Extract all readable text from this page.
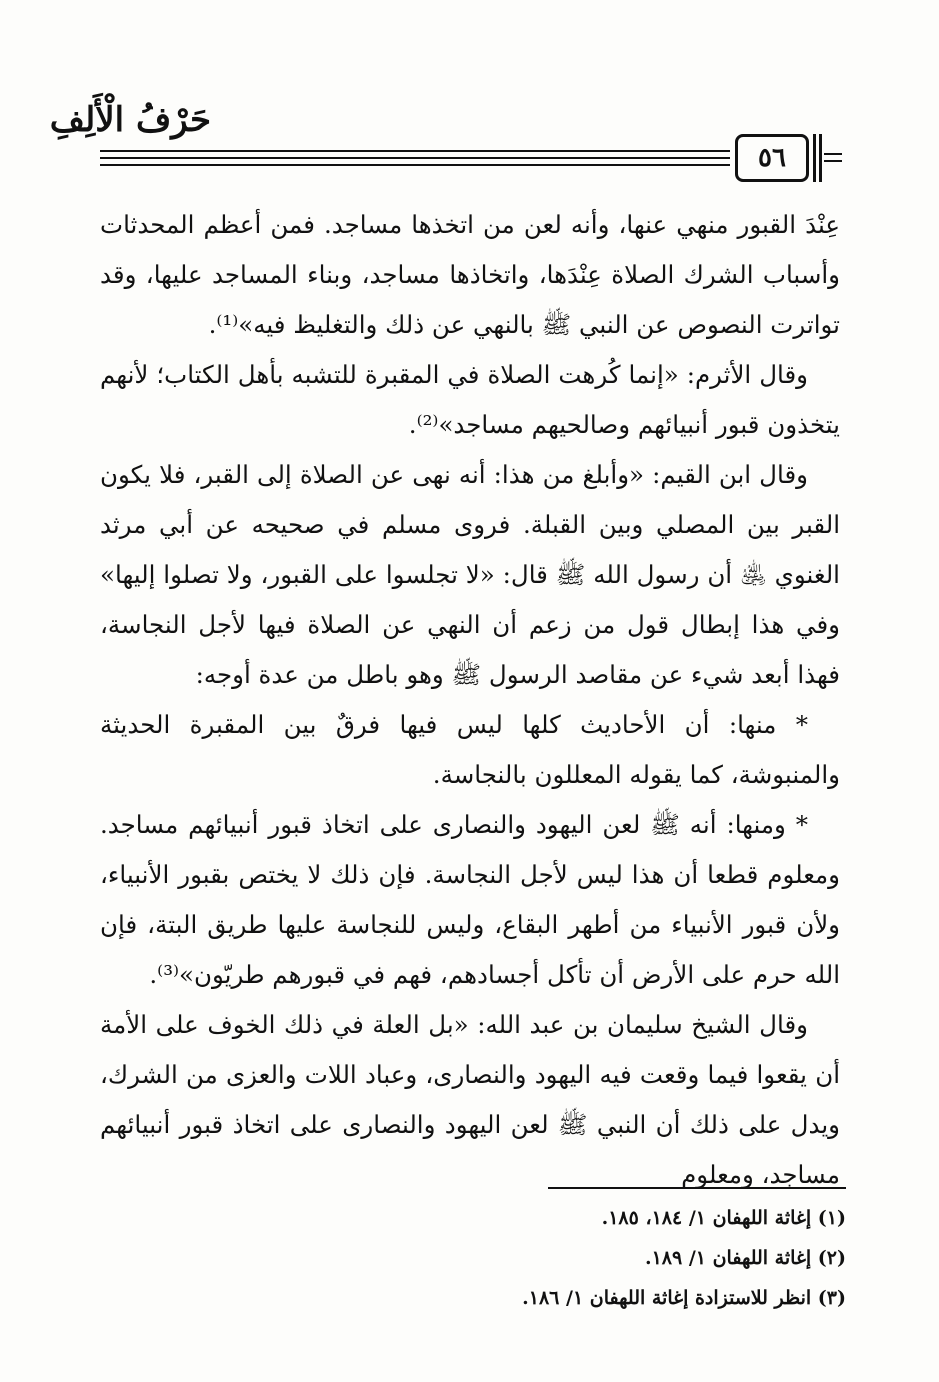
حَرْفُ الْأَلِفِ
٥٦

عِنْدَ القبور منهي عنها، وأنه لعن من اتخذها مساجد. فمن أعظم المحدثات وأسباب الشرك الصلاة عِنْدَها، واتخاذها مساجد، وبناء المساجد عليها، وقد تواترت النصوص عن النبي ﷺ بالنهي عن ذلك والتغليظ فيه»⁽¹⁾.

وقال الأثرم: «إنما كُرهت الصلاة في المقبرة للتشبه بأهل الكتاب؛ لأنهم يتخذون قبور أنبيائهم وصالحيهم مساجد»⁽²⁾.

وقال ابن القيم: «وأبلغ من هذا: أنه نهى عن الصلاة إلى القبر، فلا يكون القبر بين المصلي وبين القبلة. فروى مسلم في صحيحه عن أبي مرثد الغنوي ﵁ أن رسول الله ﷺ قال: «لا تجلسوا على القبور، ولا تصلوا إليها» وفي هذا إبطال قول من زعم أن النهي عن الصلاة فيها لأجل النجاسة، فهذا أبعد شيء عن مقاصد الرسول ﷺ وهو باطل من عدة أوجه:

* منها: أن الأحاديث كلها ليس فيها فرقٌ بين المقبرة الحديثة والمنبوشة، كما يقوله المعللون بالنجاسة.

* ومنها: أنه ﷺ لعن اليهود والنصارى على اتخاذ قبور أنبيائهم مساجد. ومعلوم قطعا أن هذا ليس لأجل النجاسة. فإن ذلك لا يختص بقبور الأنبياء، ولأن قبور الأنبياء من أطهر البقاع، وليس للنجاسة عليها طريق البتة، فإن الله حرم على الأرض أن تأكل أجسادهم، فهم في قبورهم طريّون»⁽³⁾.

وقال الشيخ سليمان بن عبد الله: «بل العلة في ذلك الخوف على الأمة أن يقعوا فيما وقعت فيه اليهود والنصارى، وعباد اللات والعزى من الشرك، ويدل على ذلك أن النبي ﷺ لعن اليهود والنصارى على اتخاذ قبور أنبيائهم مساجد، ومعلوم

(١) إغاثة اللهفان ١/ ١٨٤، ١٨٥.
(٢) إغاثة اللهفان ١/ ١٨٩.
(٣) انظر للاستزادة إغاثة اللهفان ١/ ١٨٦.
